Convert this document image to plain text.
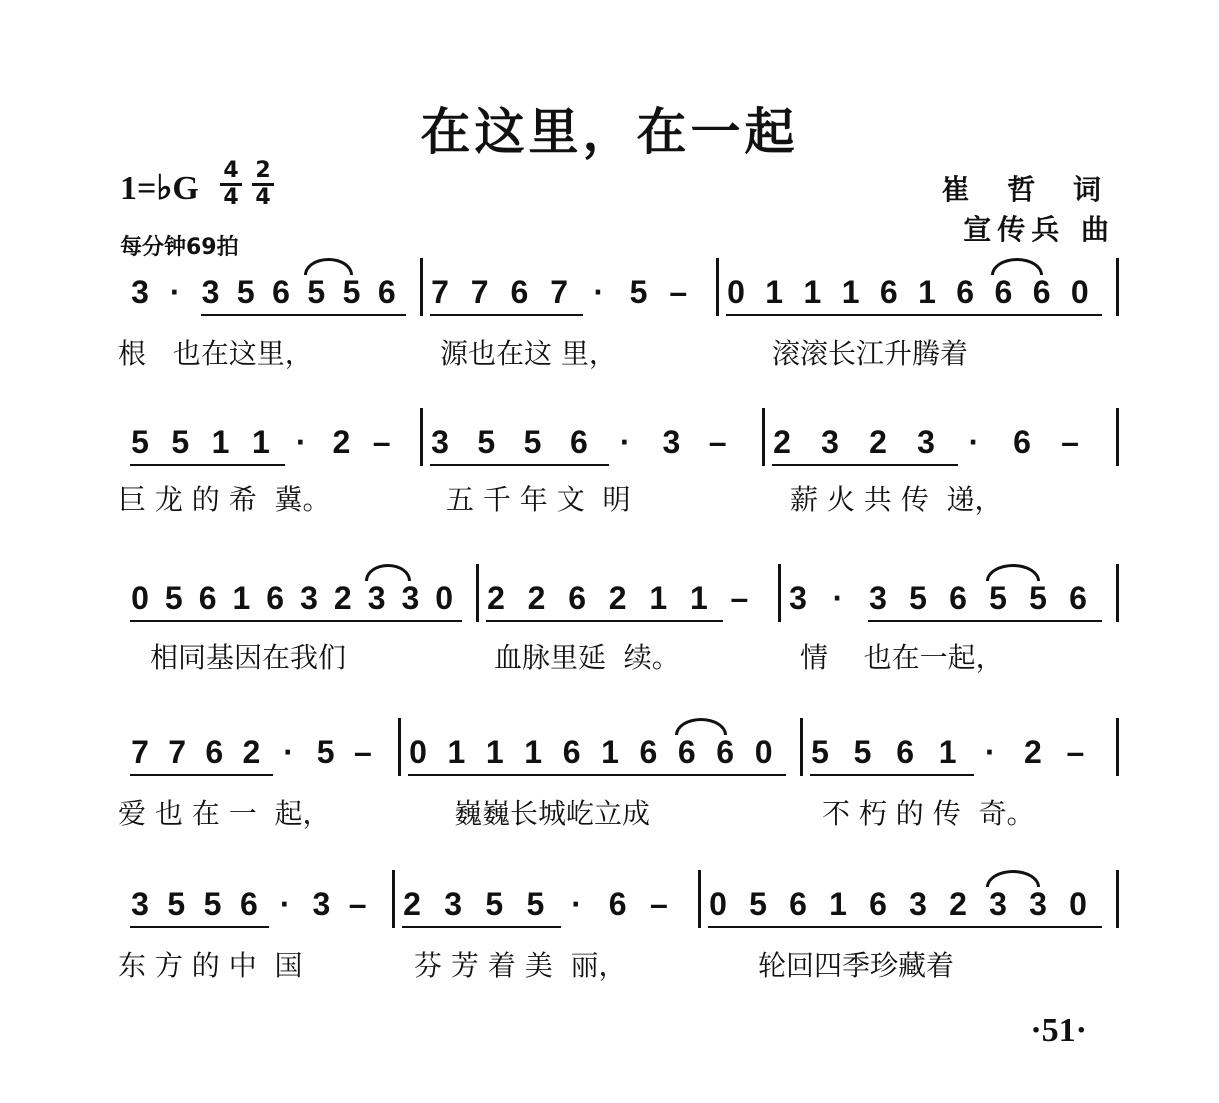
在这里，在一起
1=♭G 4
4
2
4	崔 哲 词
宣传兵 曲
每分钟69拍
3 · 3 5 6 5 5 6 7 7 6 7 · 5 – 0 1 1 1 6 1 6 6 6 0
根   也在这里，	源也在这 里，	滚滚长江升腾着
5 5 1 1 · 2 – 3 5 5 6 · 3 – 2 3 2 3 · 6 –
巨 龙 的 希  冀。	五 千 年 文  明	薪 火 共 传  递，
0 5 6 1 6 3 2 3 3 0 2 2 6 2 1 1 – 3 · 3 5 6 5 5 6
相同基因在我们	血脉里延  续。	情    也在一起，
7 7 6 2 · 5 – 0 1 1 1 6 1 6 6 6 0 5 5 6 1 · 2 –
爱 也 在 一  起，	巍巍长城屹立成	不 朽 的 传  奇。
3 5 5 6 · 3 – 2 3 5 5 · 6 – 0 5 6 1 6 3 2 3 3 0
东 方 的 中  国	芬 芳 着 美  丽，	轮回四季珍藏着
·51·
